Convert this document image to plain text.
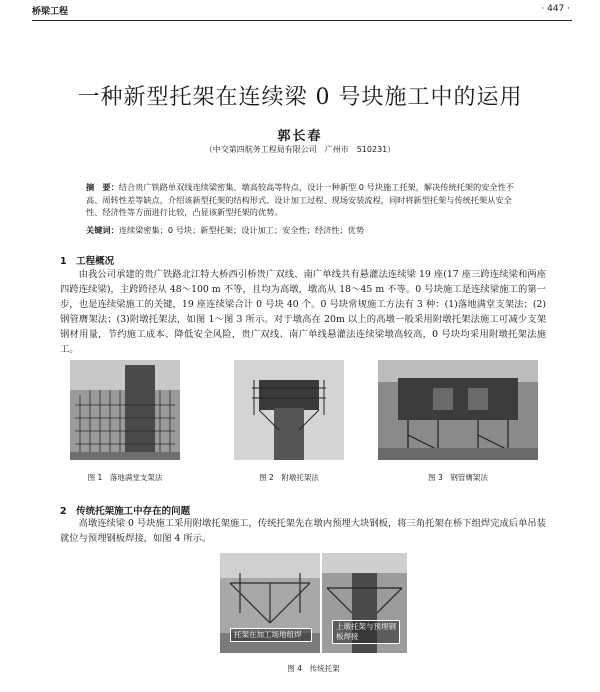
桥梁工程	· 447 ·
一种新型托架在连续梁 0 号块施工中的运用
郭长春
（中交第四航务工程局有限公司　广州市　510231）
摘　要：结合贵广铁路单双线连续梁密集、墩高较高等特点，设计一种新型 0 号块施工托架，解决传统托架的安全性不高、周转性差等缺点，介绍该新型托架的结构形式、设计加工过程、现场安装流程，同时将新型托架与传统托架从安全性、经济性等方面进行比较，凸显该新型托架的优势。
关键词：连续梁密集；0 号块；新型托架；设计加工；安全性；经济性；优势
1　工程概况
由我公司承建的贵广铁路北江特大桥西引桥贵广双线、南广单线共有悬灌法连续梁 19 座(17 座三跨连续梁和两座四跨连续梁)，主跨跨径从 48～100 m 不等，且均为高墩，墩高从 18～45 m 不等。0 号块施工是连续梁施工的第一步，也是连续梁施工的关键，19 座连续梁合计 0 号块 40 个。0 号块常规施工方法有 3 种：(1)落地满堂支架法；(2)钢管膺架法；(3)附墩托架法，如图 1～图 3 所示。对于墩高在 20m 以上的高墩一般采用附墩托架法施工可减少支架钢材用量，节约施工成本、降低安全风险，贵广双线、南广单线悬灌法连续梁墩高较高，0 号块均采用附墩托架法施工。
图 1　落地满堂支架法	图 2　附墩托架法	图 3　钢管膺架法
2　传统托架施工中存在的问题
高墩连续梁 0 号块施工采用附墩托架施工，传统托架先在墩内预埋大块钢板，将三角托架在桥下组焊完成后单吊装就位与预埋钢板焊接，如图 4 所示。
托架在加工场地组焊
上墩托架与预埋钢板焊接
图 4　传统托架
